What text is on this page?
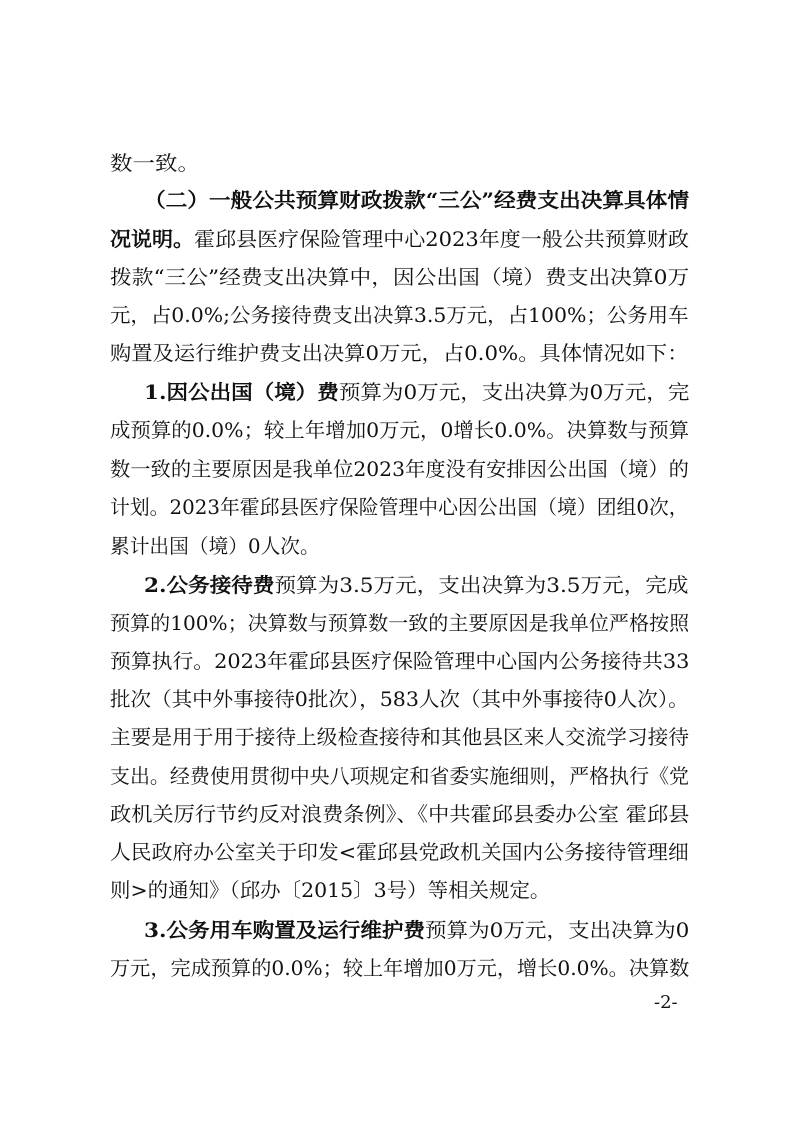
数一致。
（二）一般公共预算财政拨款“三公”经费支出决算具体情
况说明。霍邱县医疗保险管理中心2023年度一般公共预算财政
拨款“三公”经费支出决算中，因公出国（境）费支出决算0万
元，占0.0%;公务接待费支出决算3.5万元，占100%；公务用车
购置及运行维护费支出决算0万元，占0.0%。具体情况如下：
1.因公出国（境）费预算为0万元，支出决算为0万元，完
成预算的0.0%；较上年增加0万元，0增长0.0%。决算数与预算
数一致的主要原因是我单位2023年度没有安排因公出国（境）的
计划。2023年霍邱县医疗保险管理中心因公出国（境）团组0次，
累计出国（境）0人次。
2.公务接待费预算为3.5万元，支出决算为3.5万元，完成
预算的100%；决算数与预算数一致的主要原因是我单位严格按照
预算执行。2023年霍邱县医疗保险管理中心国内公务接待共33
批次（其中外事接待0批次），583人次（其中外事接待0人次）。
主要是用于用于接待上级检查接待和其他县区来人交流学习接待
支出。经费使用贯彻中央八项规定和省委实施细则，严格执行《党
政机关厉行节约反对浪费条例》、《中共霍邱县委办公室 霍邱县
人民政府办公室关于印发<霍邱县党政机关国内公务接待管理细
则>的通知》（邱办〔2015〕3号）等相关规定。
3.公务用车购置及运行维护费预算为0万元，支出决算为0
万元，完成预算的0.0%；较上年增加0万元，增长0.0%。决算数
-2-
